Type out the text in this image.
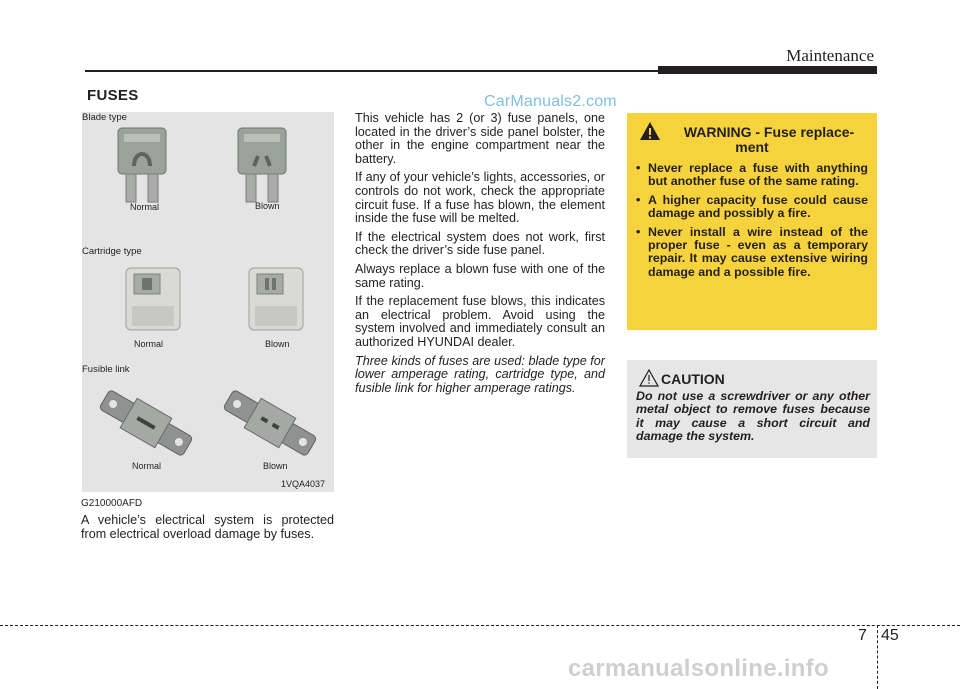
Maintenance
FUSES	CarManuals2.com
Blade type
Normal	Blown
Cartridge type
Normal	Blown
Fusible link
Normal	Blown
1VQA4037
G210000AFD
A vehicle’s electrical system is protected from electrical overload damage by fuses.

This vehicle has 2 (or 3) fuse panels, one located in the driver’s side panel bolster, the other in the engine compartment near the battery.

If any of your vehicle’s lights, accessories, or controls do not work, check the appropriate circuit fuse. If a fuse has blown, the element inside the fuse will be melted.

If the electrical system does not work, first check the driver’s side fuse panel.

Always replace a blown fuse with one of the same rating.

If the replacement fuse blows, this indicates an electrical problem. Avoid using the system involved and immediately consult an authorized HYUNDAI dealer.

Three kinds of fuses are used: blade type for lower amperage rating, cartridge type, and fusible link for higher amperage ratings.

WARNING - Fuse replace-
ment
• Never replace a fuse with anything but another fuse of the same rating.
• A higher capacity fuse could cause damage and possibly a fire.
• Never install a wire instead of the proper fuse - even as a temporary repair. It may cause extensive wiring damage and a possible fire.
CAUTION
Do not use a screwdriver or any other metal object to remove fuses because it may cause a short circuit and damage the system.
7 45
carmanualsonline.info
